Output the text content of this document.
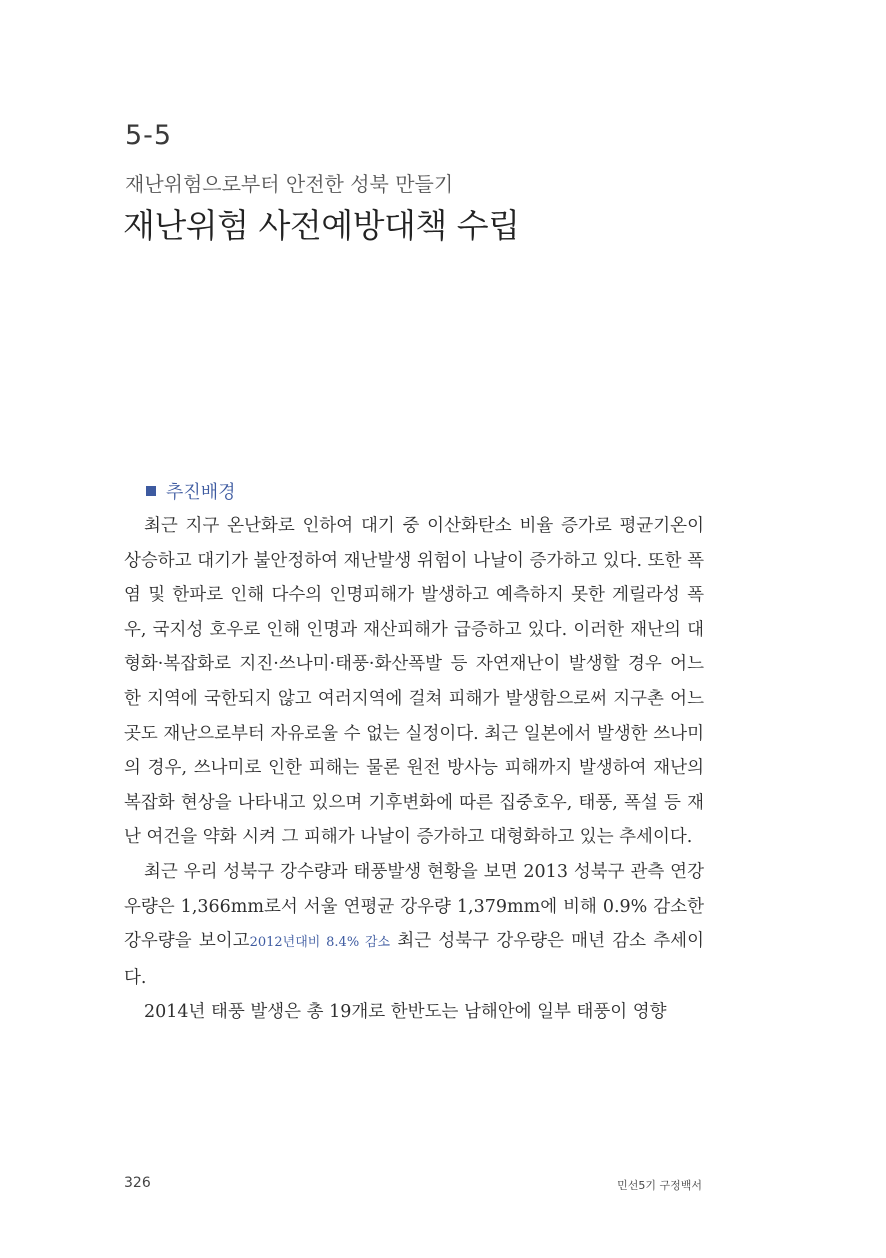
5-5
재난위험으로부터 안전한 성북 만들기
재난위험 사전예방대책 수립
추진배경

최근 지구 온난화로 인하여 대기 중 이산화탄소 비율 증가로 평균기온이 상승하고 대기가 불안정하여 재난발생 위험이 나날이 증가하고 있다. 또한 폭염 및 한파로 인해 다수의 인명피해가 발생하고 예측하지 못한 게릴라성 폭우, 국지성 호우로 인해 인명과 재산피해가 급증하고 있다. 이러한 재난의 대형화·복잡화로 지진·쓰나미·태풍·화산폭발 등 자연재난이 발생할 경우 어느 한 지역에 국한되지 않고 여러지역에 걸쳐 피해가 발생함으로써 지구촌 어느곳도 재난으로부터 자유로울 수 없는 실정이다. 최근 일본에서 발생한 쓰나미의 경우, 쓰나미로 인한 피해는 물론 원전 방사능 피해까지 발생하여 재난의 복잡화 현상을 나타내고 있으며 기후변화에 따른 집중호우, 태풍, 폭설 등 재난 여건을 약화 시켜 그 피해가 나날이 증가하고 대형화하고 있는 추세이다.

최근 우리 성북구 강수량과 태풍발생 현황을 보면 2013 성북구 관측 연강우량은 1,366mm로서 서울 연평균 강우량 1,379mm에 비해 0.9% 감소한 강우량을 보이고2012년대비 8.4% 감소 최근 성북구 강우량은 매년 감소 추세이다.

2014년 태풍 발생은 총 19개로 한반도는 남해안에 일부 태풍이 영향

326	민선5기 구정백서
